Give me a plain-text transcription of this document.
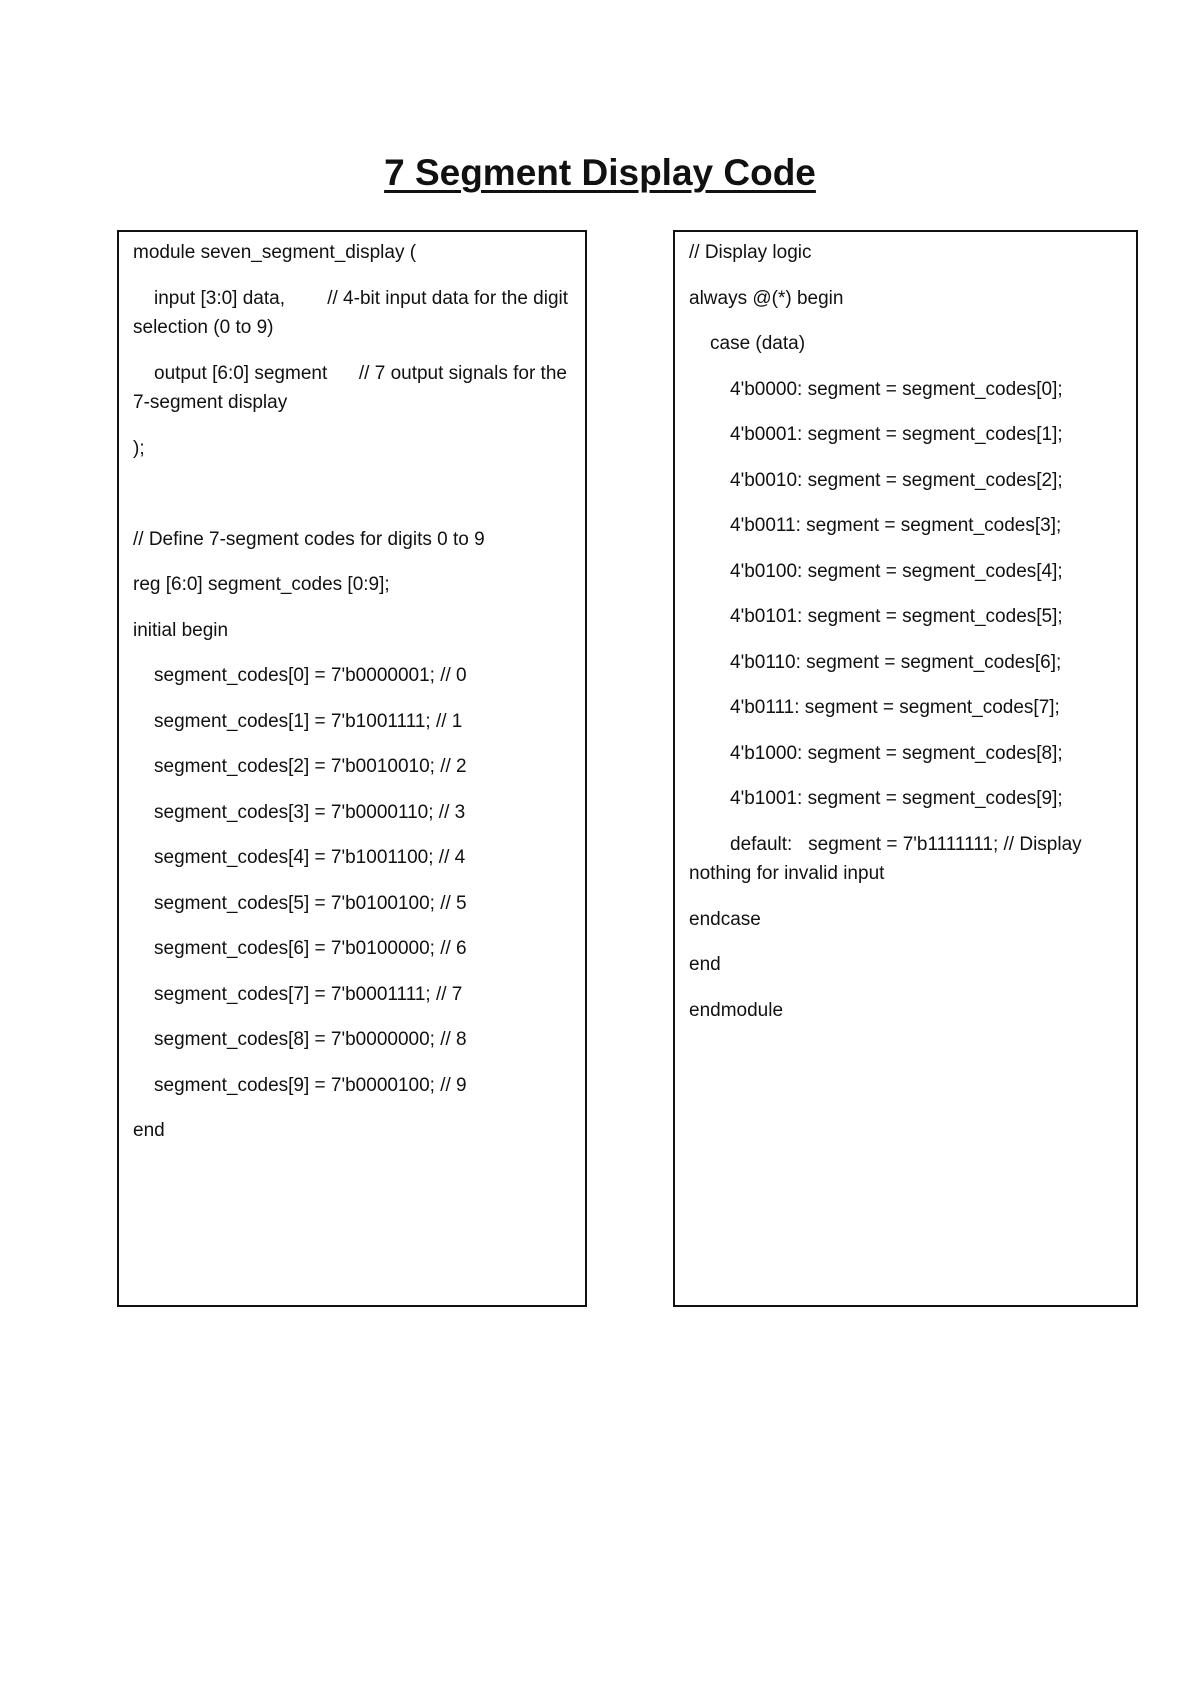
7 Segment Display Code

module seven_segment_display (

input [3:0] data,        // 4-bit input data for the digit selection (0 to 9)

output [6:0] segment      // 7 output signals for the 7-segment display

);

// Define 7-segment codes for digits 0 to 9

reg [6:0] segment_codes [0:9];

initial begin

segment_codes[0] = 7'b0000001; // 0

segment_codes[1] = 7'b1001111; // 1

segment_codes[2] = 7'b0010010; // 2

segment_codes[3] = 7'b0000110; // 3

segment_codes[4] = 7'b1001100; // 4

segment_codes[5] = 7'b0100100; // 5

segment_codes[6] = 7'b0100000; // 6

segment_codes[7] = 7'b0001111; // 7

segment_codes[8] = 7'b0000000; // 8

segment_codes[9] = 7'b0000100; // 9

end

// Display logic

always @(*) begin

case (data)

4'b0000: segment = segment_codes[0];

4'b0001: segment = segment_codes[1];

4'b0010: segment = segment_codes[2];

4'b0011: segment = segment_codes[3];

4'b0100: segment = segment_codes[4];

4'b0101: segment = segment_codes[5];

4'b0110: segment = segment_codes[6];

4'b0111: segment = segment_codes[7];

4'b1000: segment = segment_codes[8];

4'b1001: segment = segment_codes[9];

default:   segment = 7'b1111111; // Display nothing for invalid input

endcase

end

endmodule
